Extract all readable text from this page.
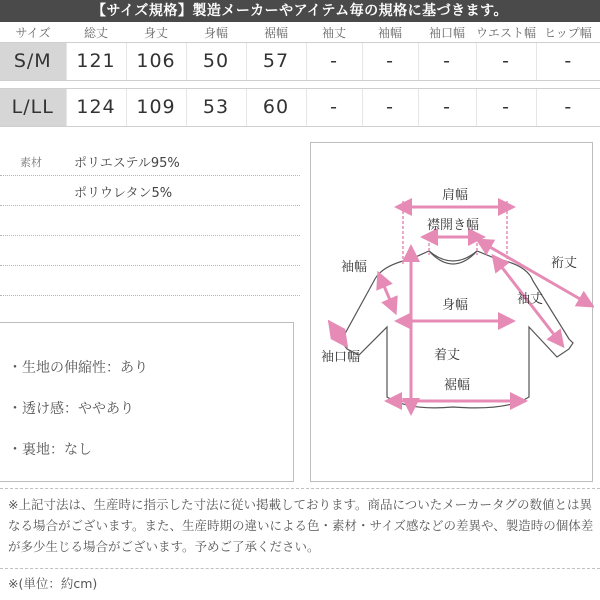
【サイズ規格】製造メーカーやアイテム毎の規格に基づきます。
サイズ	総丈	身丈	身幅	裾幅	袖丈	袖幅	袖口幅	ウエスト幅	ヒップ幅
S/M	121	106	50	57	-	-	-	-	-

L/LL	124	109	53	60	-	-	-	-	-
素材 ポリエステル95%
ポリウレタン5%
・生地の伸縮性：あり
・透け感：ややあり
・裏地：なし
肩幅
襟開き幅
裄丈
袖幅
袖丈
身幅
袖口幅	着丈
裾幅
※上記寸法は、生産時に指示した寸法に従い掲載しております。商品についたメーカータグの数値とは異なる場合がございます。また、生産時期の違いによる色・素材・サイズ感などの差異や、製造時の個体差が多少生じる場合がございます。予めご了承ください。
※(単位：約cm)
